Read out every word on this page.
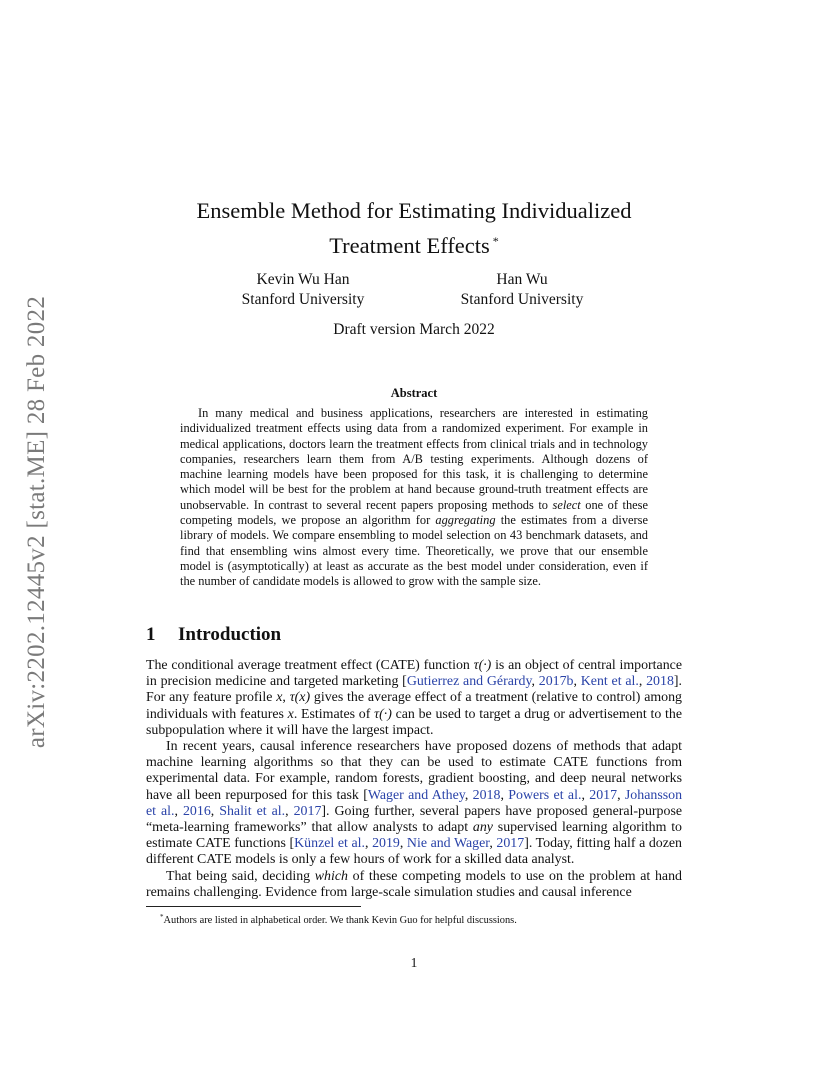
arXiv:2202.12445v2 [stat.ME] 28 Feb 2022
Ensemble Method for Estimating Individualized
Treatment Effects *
Kevin Wu Han
Stanford University
Han Wu
Stanford University
Draft version March 2022
Abstract
In many medical and business applications, researchers are interested in estimating individualized treatment effects using data from a randomized experiment. For example in medical applications, doctors learn the treatment effects from clinical trials and in technology companies, researchers learn them from A/B testing experiments. Although dozens of machine learning models have been proposed for this task, it is challenging to determine which model will be best for the problem at hand because ground-truth treatment effects are unobservable. In contrast to several recent papers proposing methods to select one of these competing models, we propose an algorithm for aggregating the estimates from a diverse library of models. We compare ensembling to model selection on 43 benchmark datasets, and find that ensembling wins almost every time. Theoretically, we prove that our ensemble model is (asymptotically) at least as accurate as the best model under consideration, even if the number of candidate models is allowed to grow with the sample size.
1 Introduction

The conditional average treatment effect (CATE) function τ(·) is an object of central importance in precision medicine and targeted marketing [Gutierrez and Gérardy, 2017b, Kent et al., 2018]. For any feature profile x, τ(x) gives the average effect of a treatment (relative to control) among individuals with features x. Estimates of τ(·) can be used to target a drug or advertisement to the subpopulation where it will have the largest impact.

In recent years, causal inference researchers have proposed dozens of methods that adapt machine learning algorithms so that they can be used to estimate CATE functions from experimental data. For example, random forests, gradient boosting, and deep neural networks have all been repurposed for this task [Wager and Athey, 2018, Powers et al., 2017, Johansson et al., 2016, Shalit et al., 2017]. Going further, several papers have proposed general-purpose “meta-learning frameworks” that allow analysts to adapt any supervised learning algorithm to estimate CATE functions [Künzel et al., 2019, Nie and Wager, 2017]. Today, fitting half a dozen different CATE models is only a few hours of work for a skilled data analyst.

That being said, deciding which of these competing models to use on the problem at hand remains challenging. Evidence from large-scale simulation studies and causal inference

*Authors are listed in alphabetical order. We thank Kevin Guo for helpful discussions.
1
